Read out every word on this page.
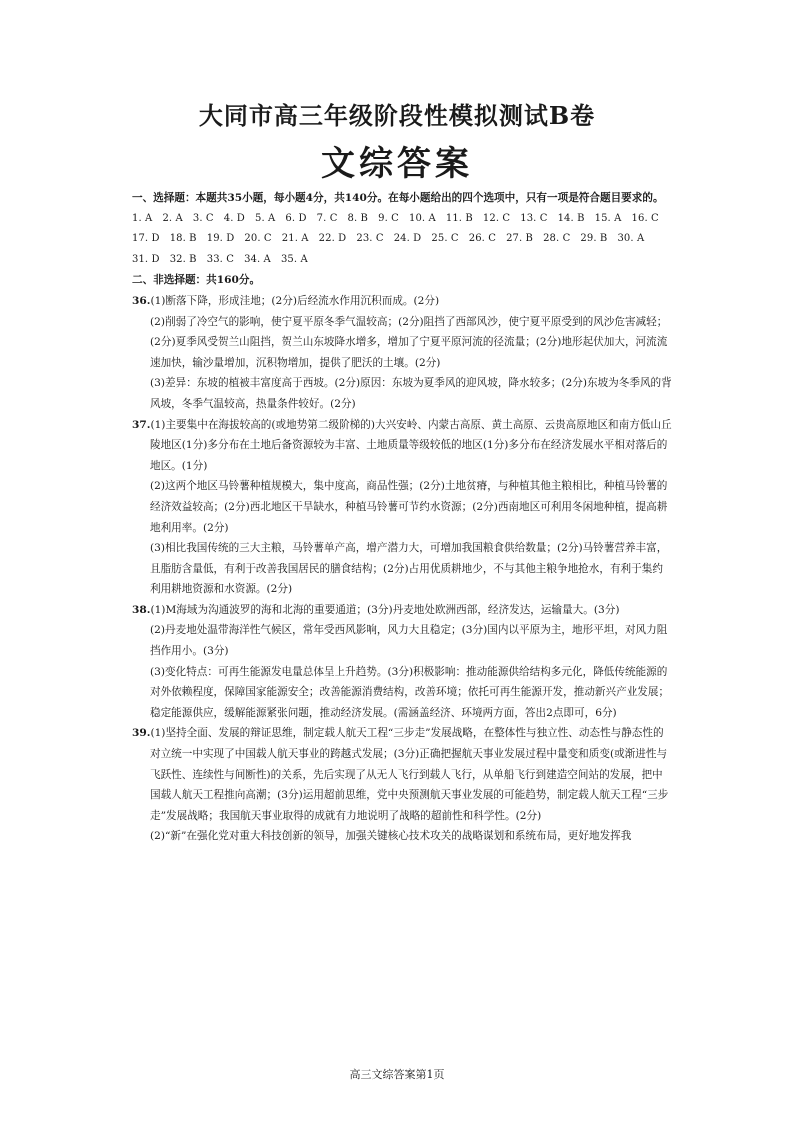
大同市高三年级阶段性模拟测试B卷
文综答案

一、选择题：本题共35小题，每小题4分，共140分。在每小题给出的四个选项中，只有一项是符合题目要求的。

1. A　2. A　3. C　4. D　5. A　6. D　7. C　8. B　9. C　10. A　11. B　12. C　13. C　14. B　15. A　16. C
17. D　18. B　19. D　20. C　21. A　22. D　23. C　24. D　25. C　26. C　27. B　28. C　29. B　30. A
31. D　32. B　33. C　34. A　35. A

二、非选择题：共160分。

36.(1)断落下降，形成洼地；(2分)后经流水作用沉积而成。(2分)

(2)削弱了冷空气的影响，使宁夏平原冬季气温较高；(2分)阻挡了西部风沙，使宁夏平原受到的风沙危害减轻；(2分)夏季风受贺兰山阻挡，贺兰山东坡降水增多，增加了宁夏平原河流的径流量；(2分)地形起伏加大，河流流速加快，输沙量增加，沉积物增加，提供了肥沃的土壤。(2分)

(3)差异：东坡的植被丰富度高于西坡。(2分)原因：东坡为夏季风的迎风坡，降水较多；(2分)东坡为冬季风的背风坡，冬季气温较高，热量条件较好。(2分)

37.(1)主要集中在海拔较高的(或地势第二级阶梯的)大兴安岭、内蒙古高原、黄土高原、云贵高原地区和南方低山丘陵地区(1分)多分布在土地后备资源较为丰富、土地质量等级较低的地区(1分)多分布在经济发展水平相对落后的地区。(1分)

(2)这两个地区马铃薯种植规模大，集中度高，商品性强；(2分)土地贫瘠，与种植其他主粮相比，种植马铃薯的经济效益较高；(2分)西北地区干旱缺水，种植马铃薯可节约水资源；(2分)西南地区可利用冬闲地种植，提高耕地利用率。(2分)

(3)相比我国传统的三大主粮，马铃薯单产高，增产潜力大，可增加我国粮食供给数量；(2分)马铃薯营养丰富，且脂肪含量低，有利于改善我国居民的膳食结构；(2分)占用优质耕地少，不与其他主粮争地抢水，有利于集约利用耕地资源和水资源。(2分)

38.(1)M海域为沟通波罗的海和北海的重要通道；(3分)丹麦地处欧洲西部，经济发达，运输量大。(3分)

(2)丹麦地处温带海洋性气候区，常年受西风影响，风力大且稳定；(3分)国内以平原为主，地形平坦，对风力阻挡作用小。(3分)

(3)变化特点：可再生能源发电量总体呈上升趋势。(3分)积极影响：推动能源供给结构多元化，降低传统能源的对外依赖程度，保障国家能源安全；改善能源消费结构，改善环境；依托可再生能源开发，推动新兴产业发展；稳定能源供应，缓解能源紧张问题，推动经济发展。(需涵盖经济、环境两方面，答出2点即可，6分)

39.(1)坚持全面、发展的辩证思维，制定载人航天工程“三步走”发展战略，在整体性与独立性、动态性与静态性的对立统一中实现了中国载人航天事业的跨越式发展；(3分)正确把握航天事业发展过程中量变和质变(或渐进性与飞跃性、连续性与间断性)的关系，先后实现了从无人飞行到载人飞行，从单船飞行到建造空间站的发展，把中国载人航天工程推向高潮；(3分)运用超前思维，党中央预测航天事业发展的可能趋势，制定载人航天工程“三步走”发展战略；我国航天事业取得的成就有力地说明了战略的超前性和科学性。(2分)

(2)“新”在强化党对重大科技创新的领导，加强关键核心技术攻关的战略谋划和系统布局，更好地发挥我

高三文综答案第1页
